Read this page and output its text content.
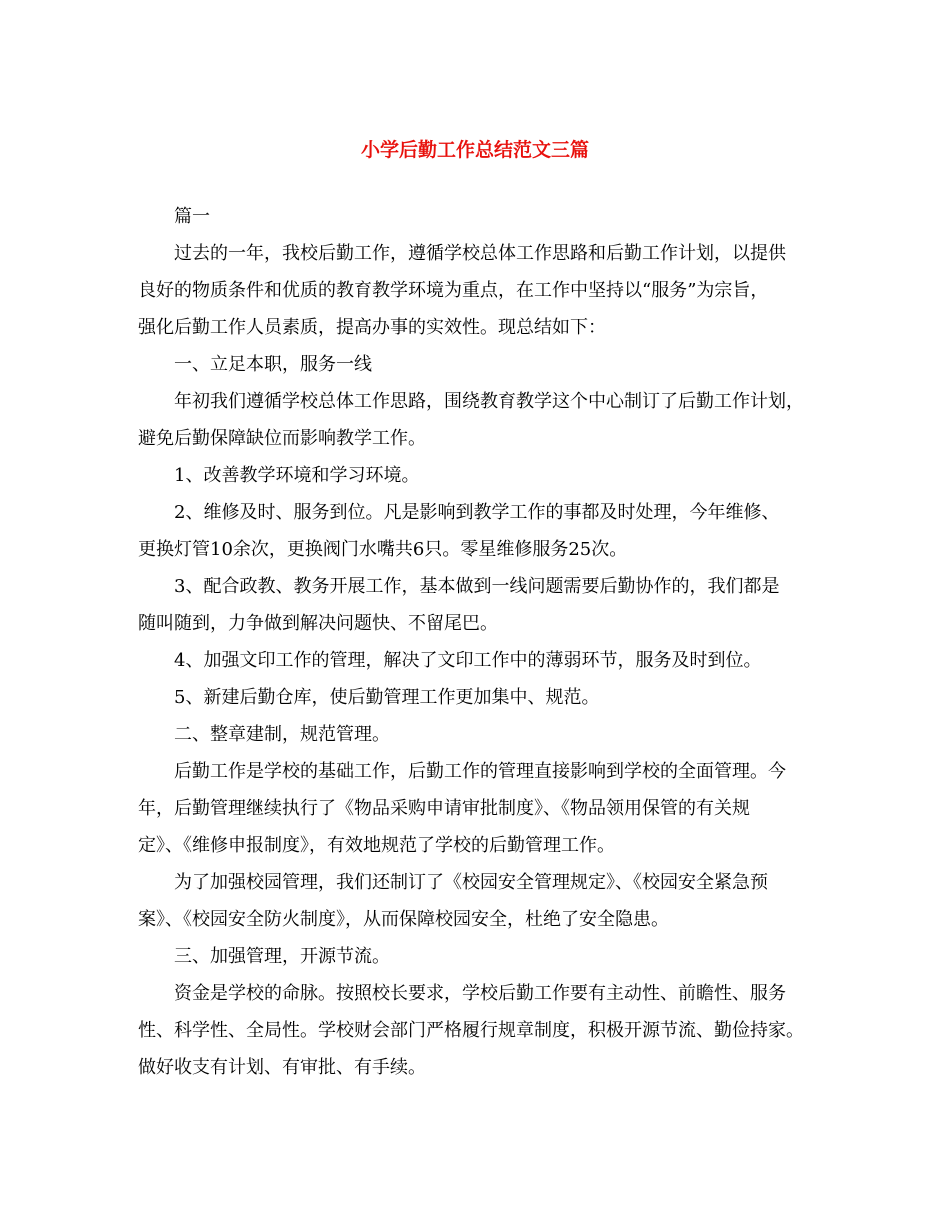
小学后勤工作总结范文三篇
篇一
过去的一年，我校后勤工作，遵循学校总体工作思路和后勤工作计划，以提供
良好的物质条件和优质的教育教学环境为重点，在工作中坚持以“服务”为宗旨，
强化后勤工作人员素质，提高办事的实效性。现总结如下：
一、立足本职，服务一线
年初我们遵循学校总体工作思路，围绕教育教学这个中心制订了后勤工作计划，
避免后勤保障缺位而影响教学工作。
1、改善教学环境和学习环境。
2、维修及时、服务到位。凡是影响到教学工作的事都及时处理，今年维修、
更换灯管10余次，更换阀门水嘴共6只。零星维修服务25次。
3、配合政教、教务开展工作，基本做到一线问题需要后勤协作的，我们都是
随叫随到，力争做到解决问题快、不留尾巴。
4、加强文印工作的管理，解决了文印工作中的薄弱环节，服务及时到位。
5、新建后勤仓库，使后勤管理工作更加集中、规范。
二、整章建制，规范管理。
后勤工作是学校的基础工作，后勤工作的管理直接影响到学校的全面管理。今
年，后勤管理继续执行了《物品采购申请审批制度》、《物品领用保管的有关规
定》、《维修申报制度》，有效地规范了学校的后勤管理工作。
为了加强校园管理，我们还制订了《校园安全管理规定》、《校园安全紧急预
案》、《校园安全防火制度》，从而保障校园安全，杜绝了安全隐患。
三、加强管理，开源节流。
资金是学校的命脉。按照校长要求，学校后勤工作要有主动性、前瞻性、服务
性、科学性、全局性。学校财会部门严格履行规章制度，积极开源节流、勤俭持家。
做好收支有计划、有审批、有手续。
